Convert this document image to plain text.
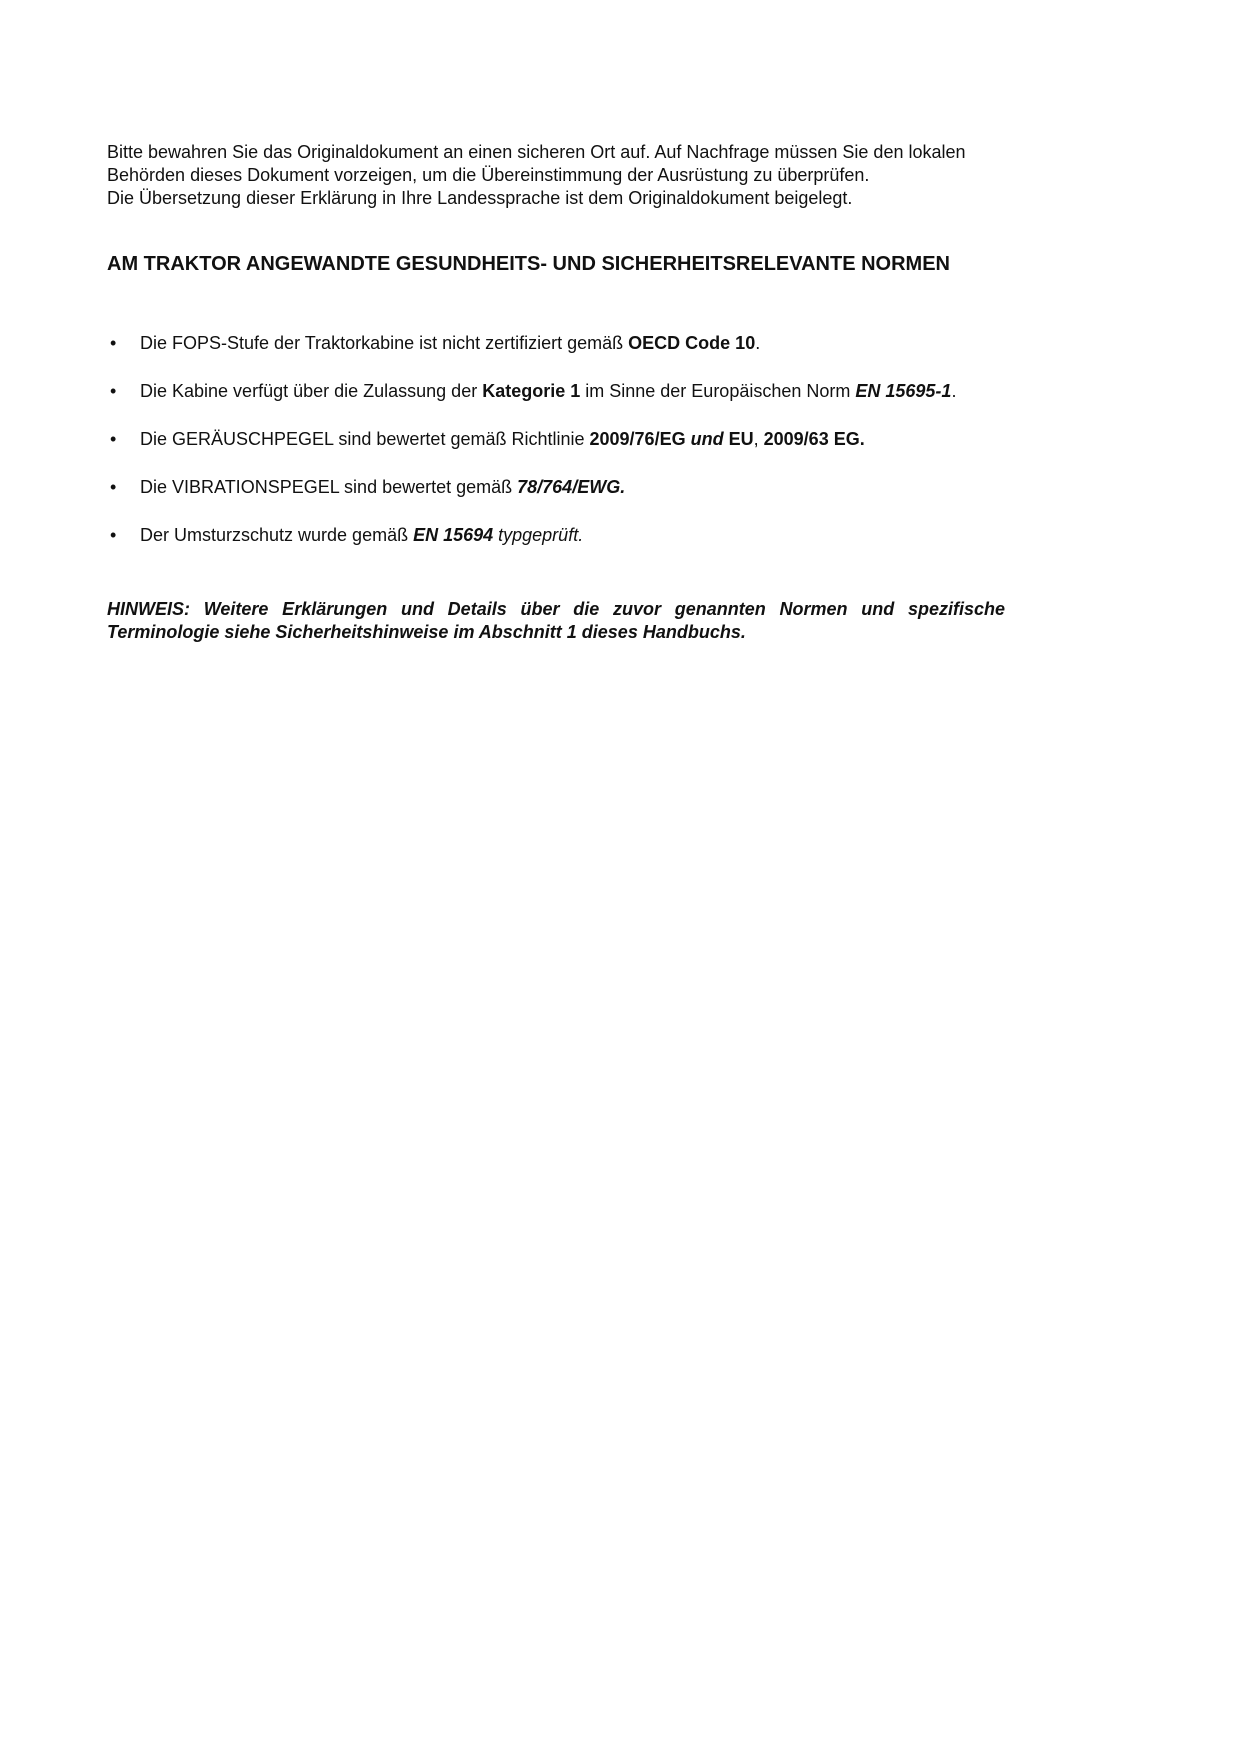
Bitte bewahren Sie das Originaldokument an einen sicheren Ort auf. Auf Nachfrage müssen Sie den lokalen Behörden dieses Dokument vorzeigen, um die Übereinstimmung der Ausrüstung zu überprüfen.
Die Übersetzung dieser Erklärung in Ihre Landessprache ist dem Originaldokument beigelegt.

AM TRAKTOR ANGEWANDTE GESUNDHEITS- UND SICHERHEITSRELEVANTE NORMEN
• Die FOPS-Stufe der Traktorkabine ist nicht zertifiziert gemäß OECD Code 10.
• Die Kabine verfügt über die Zulassung der Kategorie 1 im Sinne der Europäischen Norm EN 15695-1.
• Die GERÄUSCHPEGEL sind bewertet gemäß Richtlinie 2009/76/EG und EU, 2009/63 EG.
• Die VIBRATIONSPEGEL sind bewertet gemäß 78/764/EWG.
• Der Umsturzschutz wurde gemäß EN 15694 typgeprüft.

HINWEIS: Weitere Erklärungen und Details über die zuvor genannten Normen und spezifische Terminologie siehe Sicherheitshinweise im Abschnitt 1 dieses Handbuchs.
